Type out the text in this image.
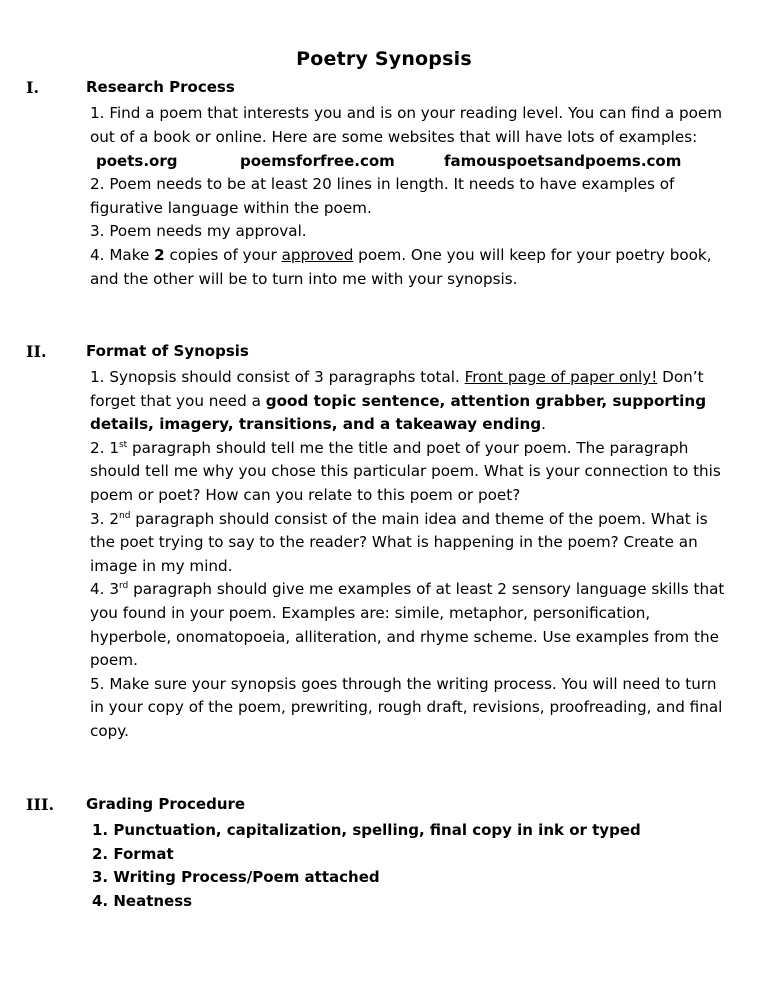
Poetry Synopsis
I.	Research Process
1. Find a poem that interests you and is on your reading level. You can find a poem out of a book or online. Here are some websites that will have lots of examples:
poets.org	poemsforfree.com	famouspoetsandpoems.com
2. Poem needs to be at least 20 lines in length. It needs to have examples of figurative language within the poem.
3. Poem needs my approval.
4. Make 2 copies of your approved poem. One you will keep for your poetry book, and the other will be to turn into me with your synopsis.
II.	Format of Synopsis
1. Synopsis should consist of 3 paragraphs total. Front page of paper only! Don’t forget that you need a good topic sentence, attention grabber, supporting details, imagery, transitions, and a takeaway ending.
2. 1st paragraph should tell me the title and poet of your poem. The paragraph should tell me why you chose this particular poem. What is your connection to this poem or poet? How can you relate to this poem or poet?
3. 2nd paragraph should consist of the main idea and theme of the poem. What is the poet trying to say to the reader? What is happening in the poem? Create an image in my mind.
4. 3rd paragraph should give me examples of at least 2 sensory language skills that you found in your poem. Examples are: simile, metaphor, personification, hyperbole, onomatopoeia, alliteration, and rhyme scheme. Use examples from the poem.
5. Make sure your synopsis goes through the writing process. You will need to turn in your copy of the poem, prewriting, rough draft, revisions, proofreading, and final copy.
III. Grading Procedure
1. Punctuation, capitalization, spelling, final copy in ink or typed
2. Format
3. Writing Process/Poem attached
4. Neatness
